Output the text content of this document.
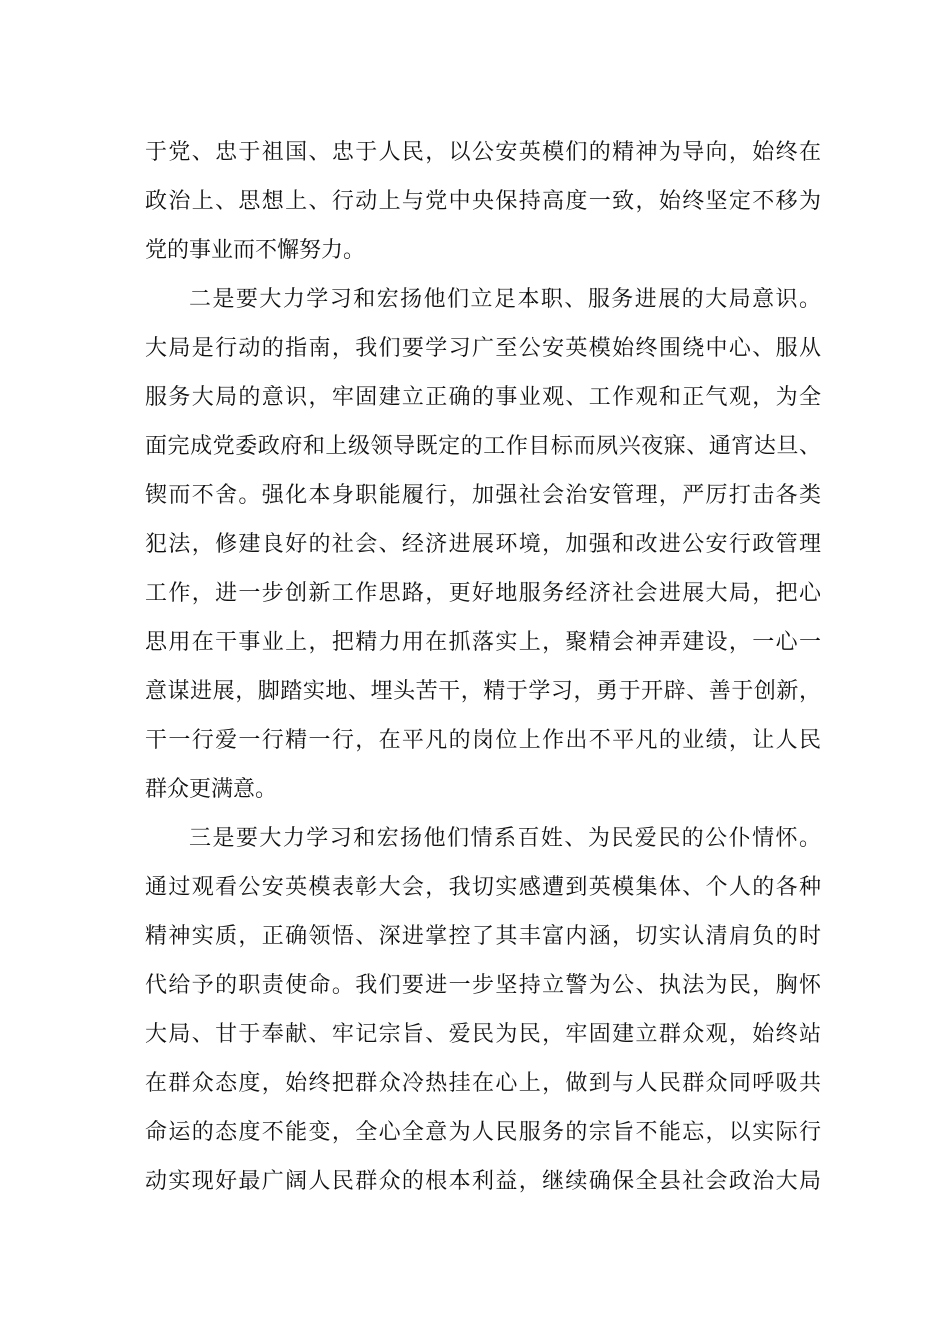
于党、忠于祖国、忠于人民，以公安英模们的精神为导向，始终在
政治上、思想上、行动上与党中央保持高度一致，始终坚定不移为
党的事业而不懈努力。
二是要大力学习和宏扬他们立足本职、服务进展的大局意识。
大局是行动的指南，我们要学习广至公安英模始终围绕中心、服从
服务大局的意识，牢固建立正确的事业观、工作观和正气观，为全
面完成党委政府和上级领导既定的工作目标而夙兴夜寐、通宵达旦、
锲而不舍。强化本身职能履行，加强社会治安管理，严厉打击各类
犯法，修建良好的社会、经济进展环境，加强和改进公安行政管理
工作，进一步创新工作思路，更好地服务经济社会进展大局，把心
思用在干事业上，把精力用在抓落实上，聚精会神弄建设，一心一
意谋进展，脚踏实地、埋头苦干，精于学习，勇于开辟、善于创新，
干一行爱一行精一行，在平凡的岗位上作出不平凡的业绩，让人民
群众更满意。
三是要大力学习和宏扬他们情系百姓、为民爱民的公仆情怀。
通过观看公安英模表彰大会，我切实感遭到英模集体、个人的各种
精神实质，正确领悟、深进掌控了其丰富内涵，切实认清肩负的时
代给予的职责使命。我们要进一步坚持立警为公、执法为民，胸怀
大局、甘于奉献、牢记宗旨、爱民为民，牢固建立群众观，始终站
在群众态度，始终把群众冷热挂在心上，做到与人民群众同呼吸共
命运的态度不能变，全心全意为人民服务的宗旨不能忘，以实际行
动实现好最广阔人民群众的根本利益，继续确保全县社会政治大局
